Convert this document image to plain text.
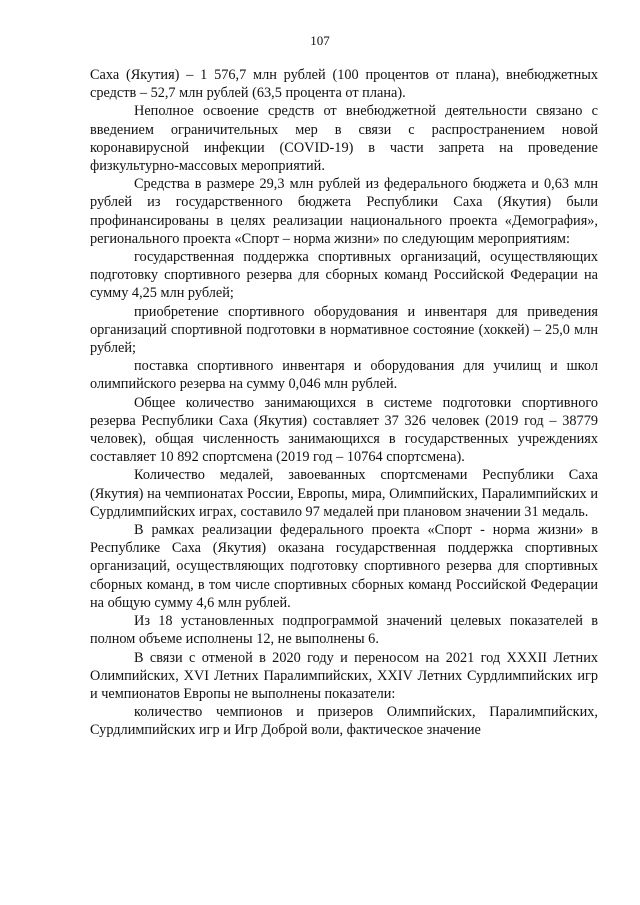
107

Саха (Якутия) – 1 576,7 млн рублей (100 процентов от плана), внебюджетных средств – 52,7 млн рублей (63,5 процента от плана).

Неполное освоение средств от внебюджетной деятельности связано с введением ограничительных мер в связи с распространением новой коронавирусной инфекции (COVID-19) в части запрета на проведение физкультурно-массовых мероприятий.

Средства в размере 29,3 млн рублей из федерального бюджета и 0,63 млн рублей из государственного бюджета Республики Саха (Якутия) были профинансированы в целях реализации национального проекта «Демография», регионального проекта «Спорт – норма жизни» по следующим мероприятиям:

государственная поддержка спортивных организаций, осуществляющих подготовку спортивного резерва для сборных команд Российской Федерации на сумму 4,25 млн рублей;

приобретение спортивного оборудования и инвентаря для приведения организаций спортивной подготовки в нормативное состояние (хоккей) – 25,0 млн рублей;

поставка спортивного инвентаря и оборудования для училищ и школ олимпийского резерва на сумму 0,046 млн рублей.

Общее количество занимающихся в системе подготовки спортивного резерва Республики Саха (Якутия) составляет 37 326 человек (2019 год – 38779 человек), общая численность занимающихся в государственных учреждениях составляет 10 892 спортсмена (2019 год – 10764 спортсмена).

Количество медалей, завоеванных спортсменами Республики Саха (Якутия) на чемпионатах России, Европы, мира, Олимпийских, Паралимпийских и Сурдлимпийских играх, составило 97 медалей при плановом значении 31 медаль.

В рамках реализации федерального проекта «Спорт - норма жизни» в Республике Саха (Якутия) оказана государственная поддержка спортивных организаций, осуществляющих подготовку спортивного резерва для спортивных сборных команд, в том числе спортивных сборных команд Российской Федерации на общую сумму 4,6 млн рублей.

Из 18 установленных подпрограммой значений целевых показателей в полном объеме исполнены 12, не выполнены 6.

В связи с отменой в 2020 году и переносом на 2021 год XXXII Летних Олимпийских, XVI Летних Паралимпийских, XXIV Летних Сурдлимпийских игр и чемпионатов Европы не выполнены показатели:

количество чемпионов и призеров Олимпийских, Паралимпийских, Сурдлимпийских игр и Игр Доброй воли, фактическое значение
